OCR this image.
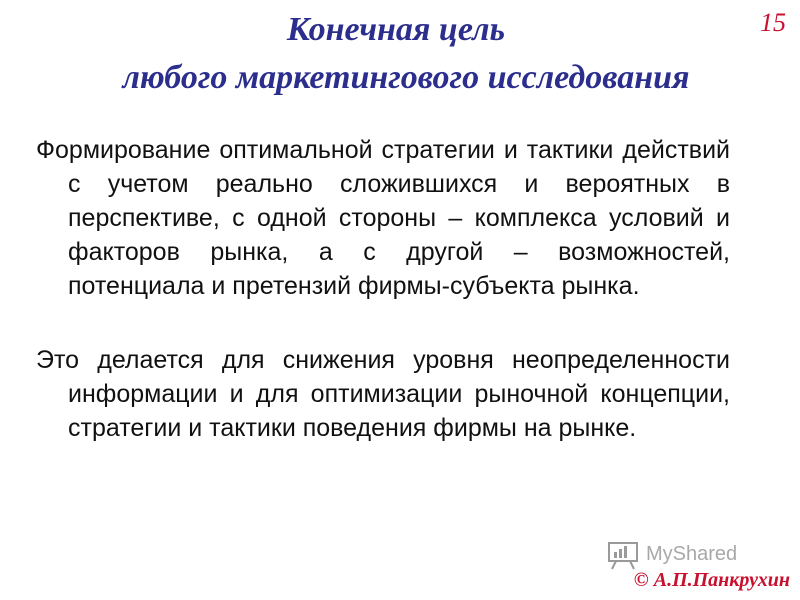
Конечная цель
любого маркетингового исследования
15

Формирование оптимальной стратегии и тактики действий с учетом реально сложившихся и вероятных в перспективе, с одной стороны – комплекса условий и факторов рынка, а с другой – возможностей, потенциала и претензий фирмы-субъекта рынка.

Это делается для снижения уровня неопределенности информации и для оптимизации рыночной концепции, стратегии и тактики поведения фирмы на рынке.

MyShared
© А.П.Панкрухин
